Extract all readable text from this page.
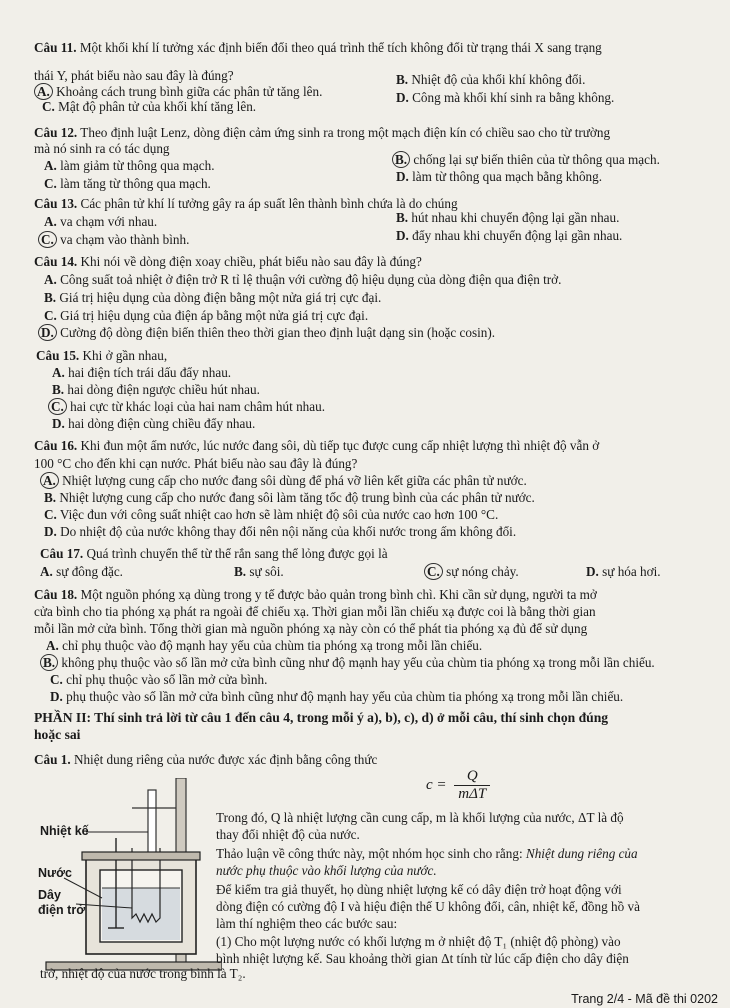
Câu 11. Một khối khí lí tưởng xác định biến đổi theo quá trình thể tích không đổi từ trạng thái X sang trạng
thái Y, phát biểu nào sau đây là đúng?
A. Khoảng cách trung bình giữa các phân tử tăng lên.
B. Nhiệt độ của khối khí không đổi.
C. Mật độ phân tử của khối khí tăng lên.
D. Công mà khối khí sinh ra bằng không.
Câu 12. Theo định luật Lenz, dòng điện cảm ứng sinh ra trong một mạch điện kín có chiều sao cho từ trường
mà nó sinh ra có tác dụng
A. làm giảm từ thông qua mạch.	B. chống lại sự biến thiên của từ thông qua mạch.
C. làm tăng từ thông qua mạch.	D. làm từ thông qua mạch bằng không.
Câu 13. Các phân tử khí lí tưởng gây ra áp suất lên thành bình chứa là do chúng
A. va chạm với nhau.	B. hút nhau khi chuyển động lại gần nhau.
C. va chạm vào thành bình.	D. đẩy nhau khi chuyển động lại gần nhau.
Câu 14. Khi nói về dòng điện xoay chiều, phát biểu nào sau đây là đúng?
A. Công suất toả nhiệt ở điện trở R tỉ lệ thuận với cường độ hiệu dụng của dòng điện qua điện trở.
B. Giá trị hiệu dụng của dòng điện bằng một nửa giá trị cực đại.
C. Giá trị hiệu dụng của điện áp bằng một nửa giá trị cực đại.
D. Cường độ dòng điện biến thiên theo thời gian theo định luật dạng sin (hoặc cosin).
Câu 15. Khi ở gần nhau,
A. hai điện tích trái dấu đẩy nhau.
B. hai dòng điện ngược chiều hút nhau.
C. hai cực từ khác loại của hai nam châm hút nhau.
D. hai dòng điện cùng chiều đẩy nhau.
Câu 16. Khi đun một ấm nước, lúc nước đang sôi, dù tiếp tục được cung cấp nhiệt lượng thì nhiệt độ vẫn ở
100 °C cho đến khi cạn nước. Phát biểu nào sau đây là đúng?
A. Nhiệt lượng cung cấp cho nước đang sôi dùng để phá vỡ liên kết giữa các phân tử nước.
B. Nhiệt lượng cung cấp cho nước đang sôi làm tăng tốc độ trung bình của các phân tử nước.
C. Việc đun với công suất nhiệt cao hơn sẽ làm nhiệt độ sôi của nước cao hơn 100 °C.
D. Do nhiệt độ của nước không thay đổi nên nội năng của khối nước trong ấm không đổi.
Câu 17. Quá trình chuyển thể từ thể rắn sang thể lỏng được gọi là
A. sự đông đặc.	B. sự sôi.	C. sự nóng chảy.	D. sự hóa hơi.
Câu 18. Một nguồn phóng xạ dùng trong y tế được bảo quản trong bình chì. Khi cần sử dụng, người ta mở
cửa bình cho tia phóng xạ phát ra ngoài để chiếu xạ. Thời gian mỗi lần chiếu xạ được coi là bằng thời gian
mỗi lần mở cửa bình. Tổng thời gian mà nguồn phóng xạ này còn có thể phát tia phóng xạ đủ để sử dụng
A. chỉ phụ thuộc vào độ mạnh hay yếu của chùm tia phóng xạ trong mỗi lần chiếu.
B. không phụ thuộc vào số lần mở cửa bình cũng như độ mạnh hay yếu của chùm tia phóng xạ trong mỗi lần chiếu.
C. chỉ phụ thuộc vào số lần mở cửa bình.
D. phụ thuộc vào số lần mở cửa bình cũng như độ mạnh hay yếu của chùm tia phóng xạ trong mỗi lần chiếu.
PHẦN II: Thí sinh trả lời từ câu 1 đến câu 4, trong mỗi ý a), b), c), d) ở mỗi câu, thí sinh chọn đúng
hoặc sai
Câu 1. Nhiệt dung riêng của nước được xác định bằng công thức
$c = \frac{Q}{\text{mΔT}}$
Nhiệt kế
Nước
Dây
điện trở
Trong đó, Q là nhiệt lượng cần cung cấp, m là khối lượng của nước, ΔT là độ
thay đổi nhiệt độ của nước.
Thảo luận về công thức này, một nhóm học sinh cho rằng: Nhiệt dung riêng của
nước phụ thuộc vào khối lượng của nước.
Để kiểm tra giả thuyết, họ dùng nhiệt lượng kế có dây điện trở hoạt động với
dòng điện có cường độ I và hiệu điện thế U không đổi, cân, nhiệt kế, đồng hồ và
làm thí nghiệm theo các bước sau:
(1) Cho một lượng nước có khối lượng m ở nhiệt độ T₁ (nhiệt độ phòng) vào
bình nhiệt lượng kế. Sau khoảng thời gian Δt tính từ lúc cấp điện cho dây điện
trở, nhiệt độ của nước trong bình là T₂.
Trang 2/4 - Mã đề thi 0202
